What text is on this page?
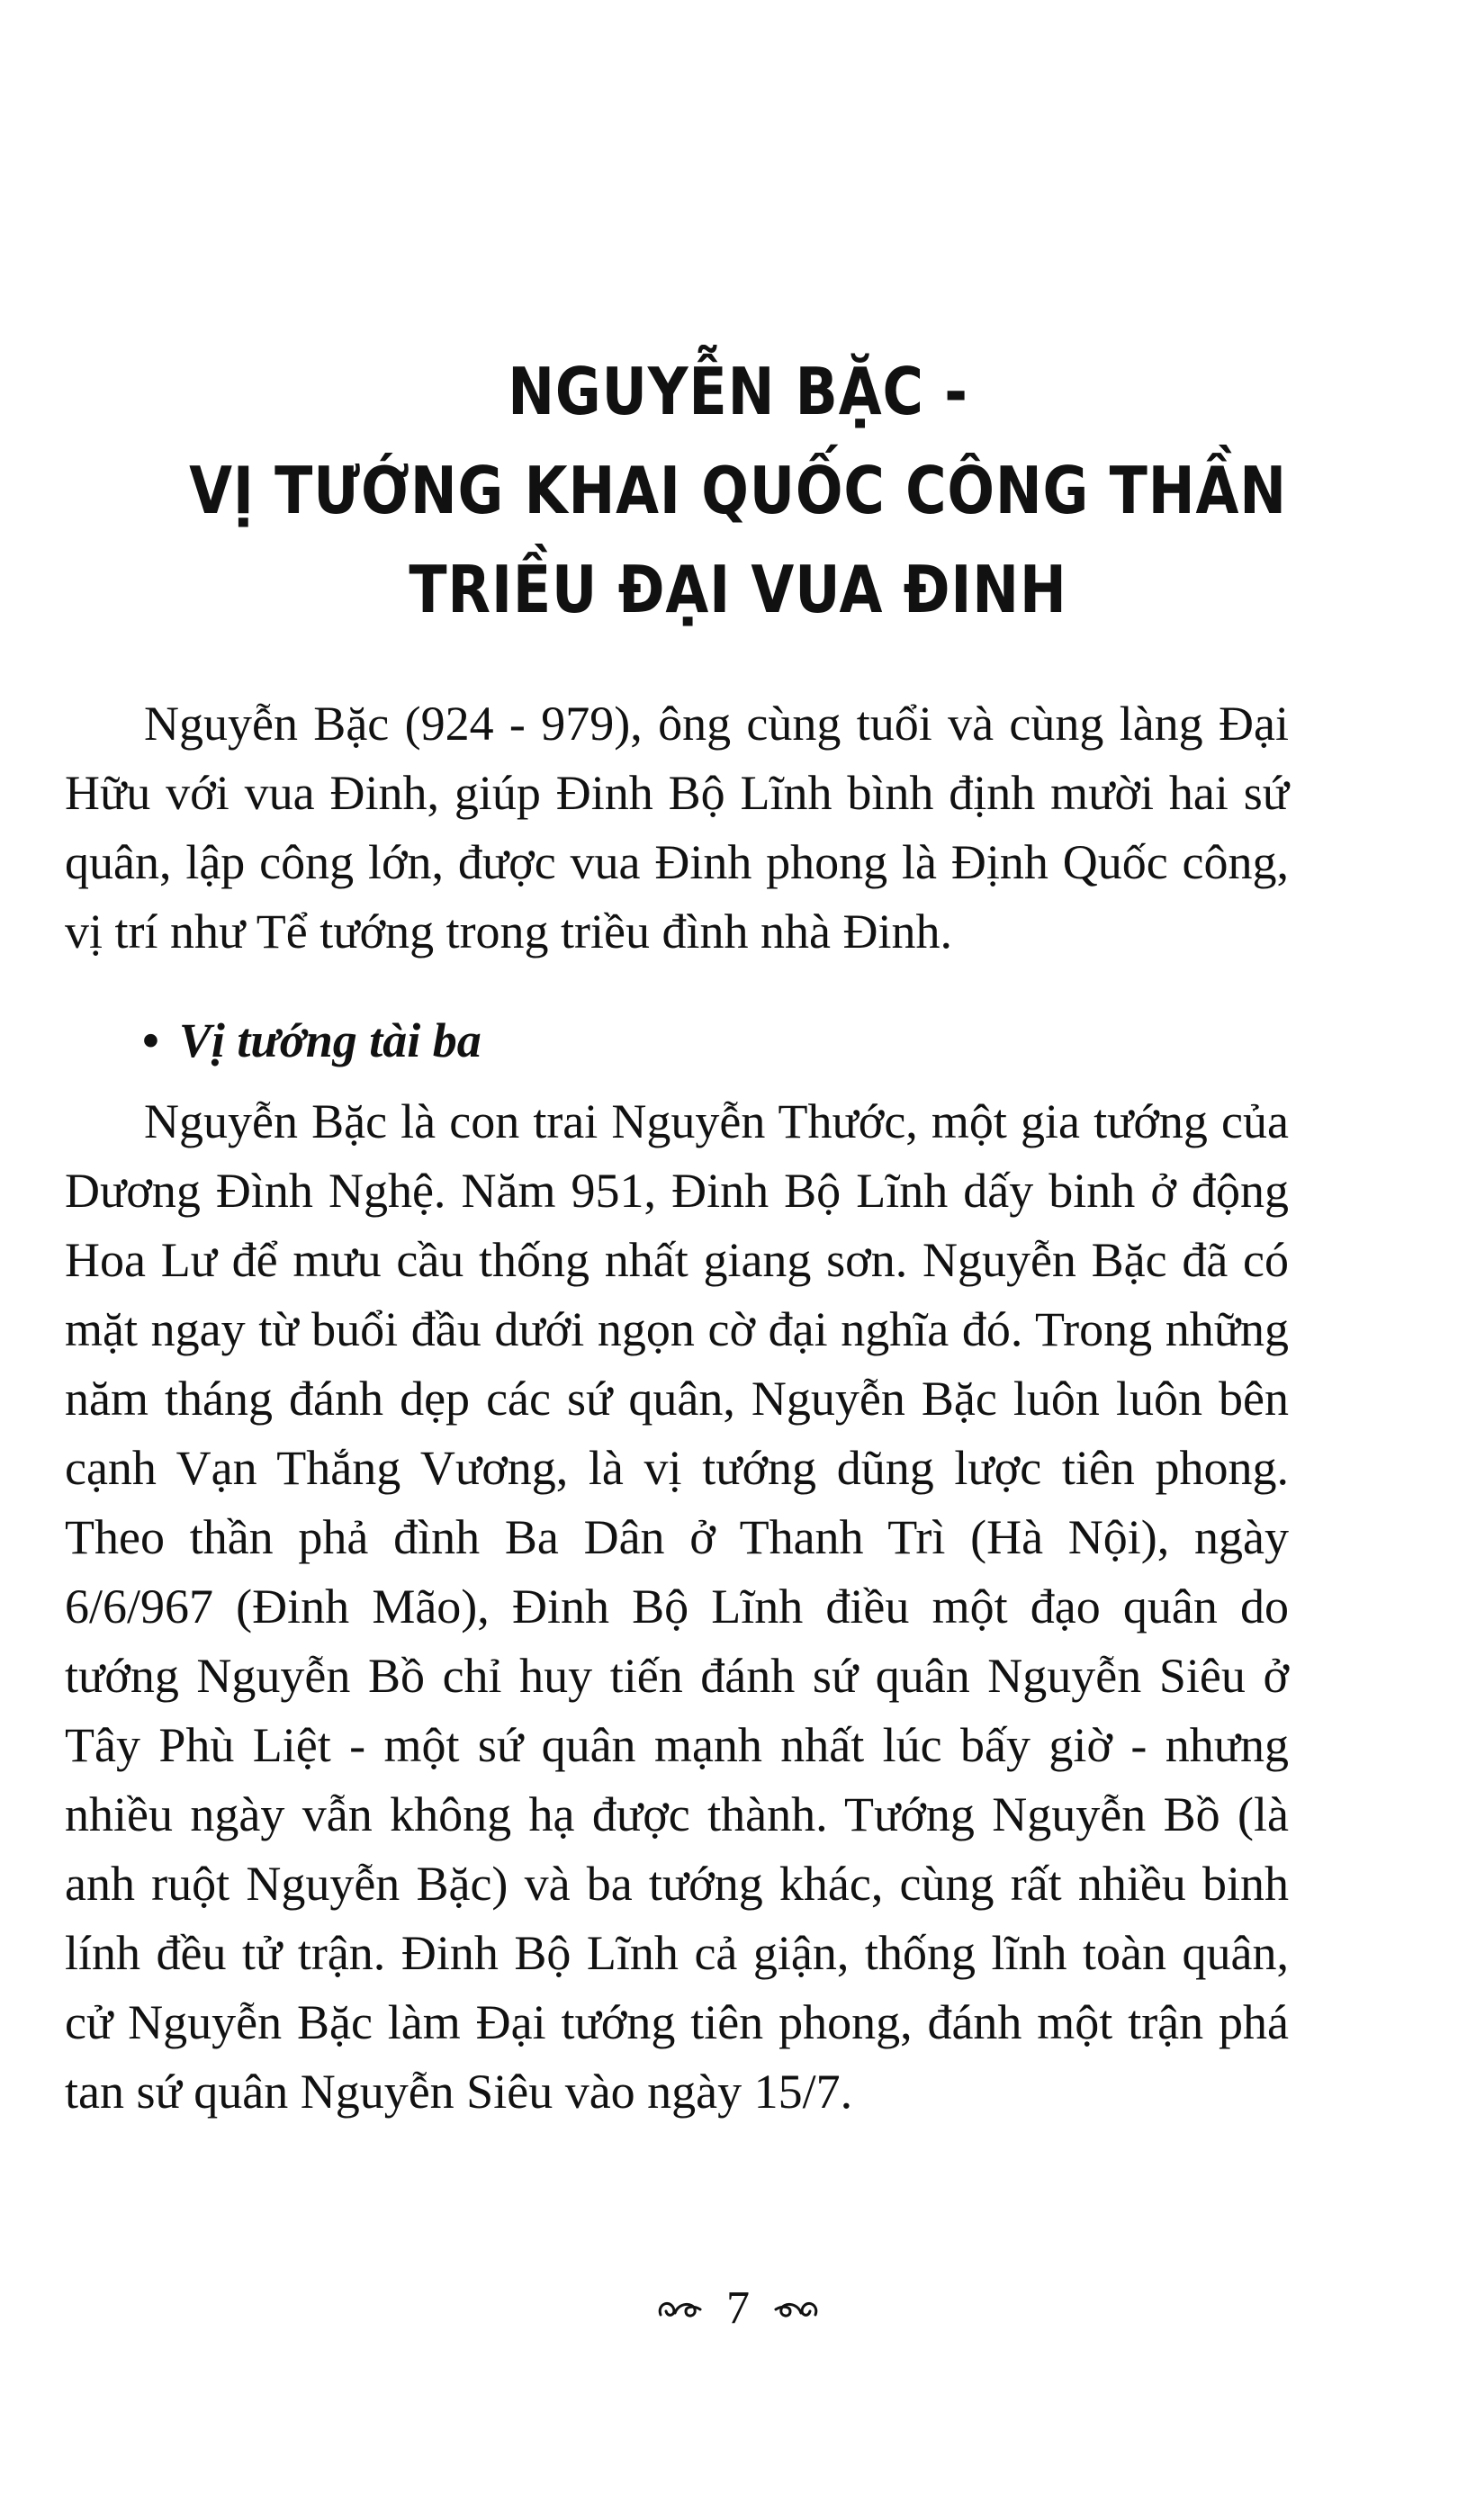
NGUYỄN BẶC -
VỊ TƯỚNG KHAI QUỐC CÔNG THẦN
TRIỀU ĐẠI VUA ĐINH

Nguyễn Bặc (924 - 979), ông cùng tuổi và cùng làng Đại Hữu với vua Đinh, giúp Đinh Bộ Lĩnh bình định mười hai sứ quân, lập công lớn, được vua Đinh phong là Định Quốc công, vị trí như Tể tướng trong triều đình nhà Đinh.

• Vị tướng tài ba

Nguyễn Bặc là con trai Nguyễn Thước, một gia tướng của Dương Đình Nghệ. Năm 951, Đinh Bộ Lĩnh dấy binh ở động Hoa Lư để mưu cầu thống nhất giang sơn. Nguyễn Bặc đã có mặt ngay từ buổi đầu dưới ngọn cờ đại nghĩa đó. Trong những năm tháng đánh dẹp các sứ quân, Nguyễn Bặc luôn luôn bên cạnh Vạn Thắng Vương, là vị tướng dũng lược tiên phong. Theo thần phả đình Ba Dân ở Thanh Trì (Hà Nội), ngày 6/6/967 (Đinh Mão), Đinh Bộ Lĩnh điều một đạo quân do tướng Nguyễn Bồ chỉ huy tiến đánh sứ quân Nguyễn Siêu ở Tây Phù Liệt - một sứ quân mạnh nhất lúc bấy giờ - nhưng nhiều ngày vẫn không hạ được thành. Tướng Nguyễn Bồ (là anh ruột Nguyễn Bặc) và ba tướng khác, cùng rất nhiều binh lính đều tử trận. Đinh Bộ Lĩnh cả giận, thống lĩnh toàn quân, cử Nguyễn Bặc làm Đại tướng tiên phong, đánh một trận phá tan sứ quân Nguyễn Siêu vào ngày 15/7.

7
